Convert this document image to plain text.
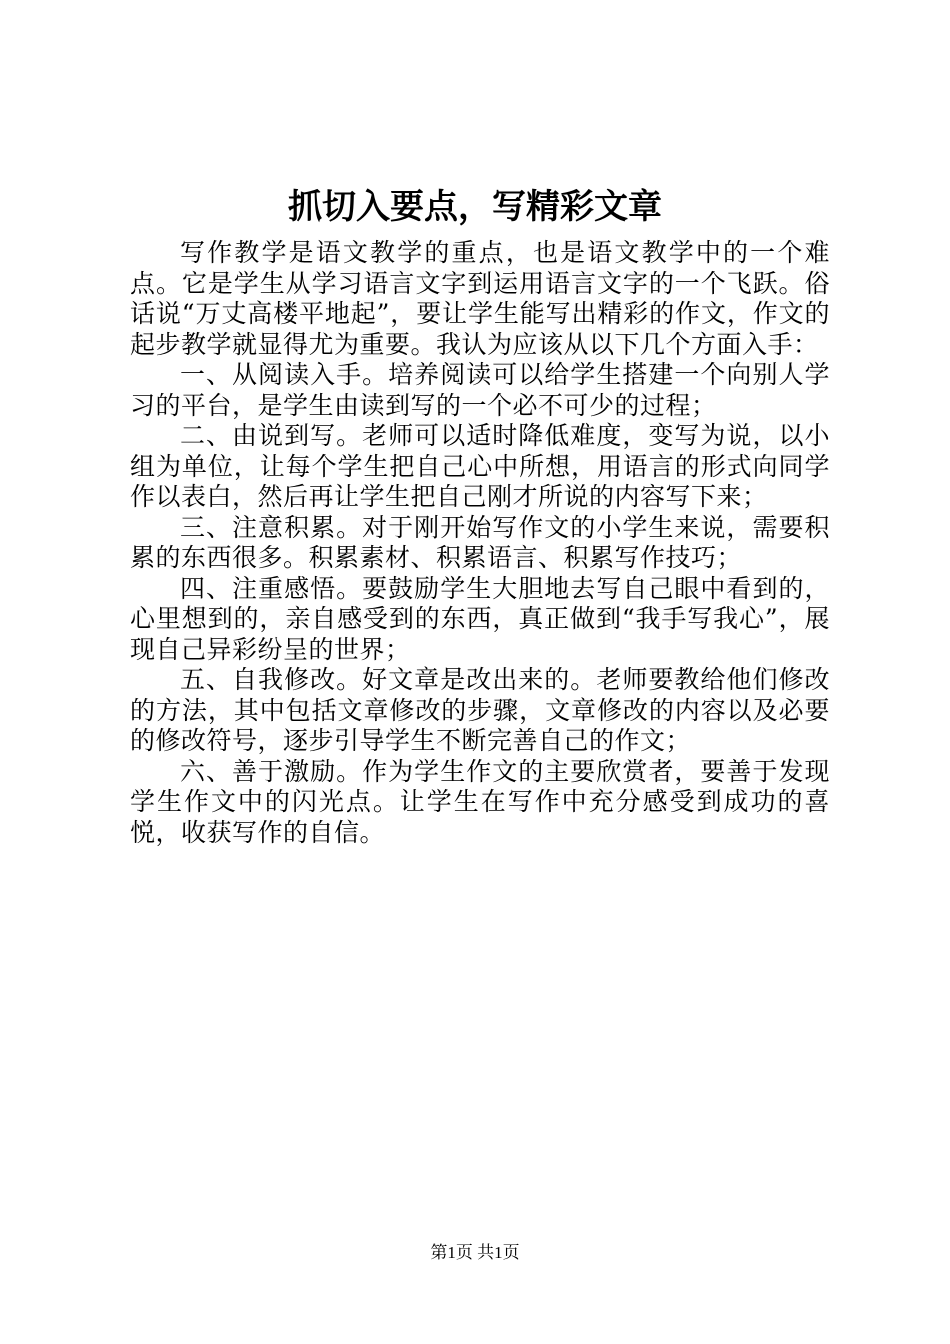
抓切入要点，写精彩文章

写作教学是语文教学的重点，也是语文教学中的一个难点。它是学生从学习语言文字到运用语言文字的一个飞跃。俗话说“万丈高楼平地起”，要让学生能写出精彩的作文，作文的起步教学就显得尤为重要。我认为应该从以下几个方面入手：

一、从阅读入手。培养阅读可以给学生搭建一个向别人学习的平台，是学生由读到写的一个必不可少的过程；

二、由说到写。老师可以适时降低难度，变写为说，以小组为单位，让每个学生把自己心中所想，用语言的形式向同学作以表白，然后再让学生把自己刚才所说的内容写下来；

三、注意积累。对于刚开始写作文的小学生来说，需要积累的东西很多。积累素材、积累语言、积累写作技巧；

四、注重感悟。要鼓励学生大胆地去写自己眼中看到的，心里想到的，亲自感受到的东西，真正做到“我手写我心”，展现自己异彩纷呈的世界；

五、自我修改。好文章是改出来的。老师要教给他们修改的方法，其中包括文章修改的步骤，文章修改的内容以及必要的修改符号，逐步引导学生不断完善自己的作文；

六、善于激励。作为学生作文的主要欣赏者，要善于发现学生作文中的闪光点。让学生在写作中充分感受到成功的喜悦，收获写作的自信。

第1页 共1页
